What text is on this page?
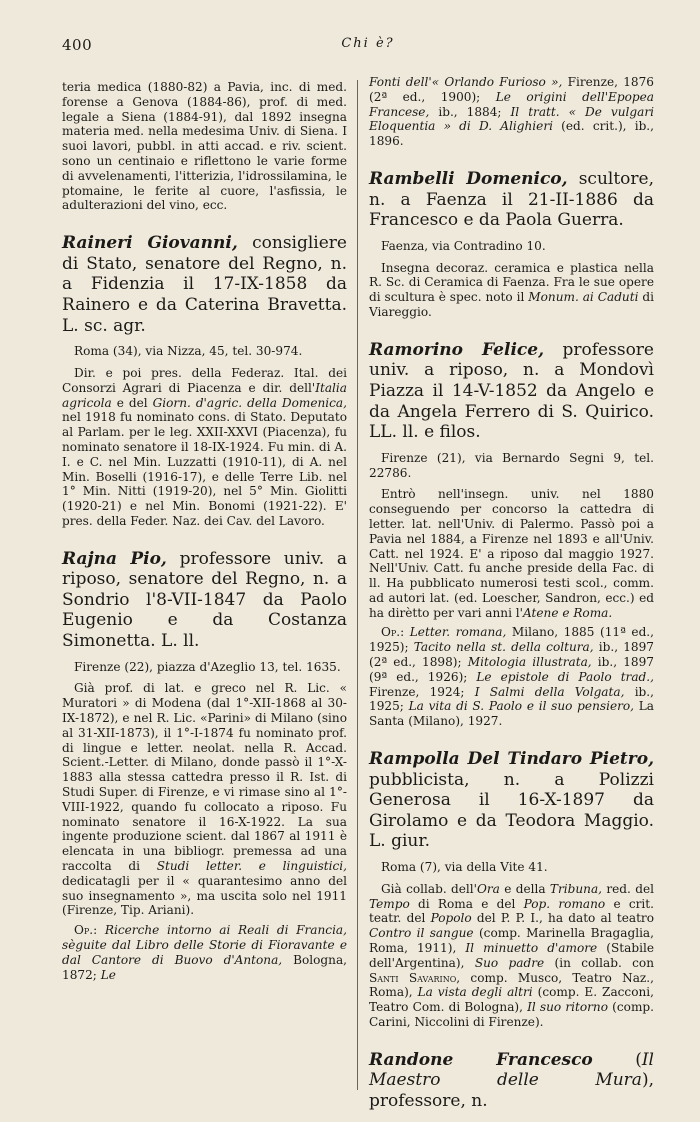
400	Chi è?

teria medica (1880-82) a Pavia, inc. di med. forense a Genova (1884-86), prof. di med. legale a Siena (1884-91), dal 1892 insegna materia med. nella medesima Univ. di Siena. I suoi lavori, pubbl. in atti accad. e riv. scient. sono un centinaio e riflettono le varie forme di avvelenamenti, l'itterizia, l'idrossilamina, le ptomaine, le ferite al cuore, l'asfissia, le adulterazioni del vino, ecc.

Raineri Giovanni, consigliere di Stato, senatore del Regno, n. a Fidenzia il 17-IX-1858 da Rainero e da Caterina Bravetta. L. sc. agr.

Roma (34), via Nizza, 45, tel. 30-974.

Dir. e poi pres. della Federaz. Ital. dei Consorzi Agrari di Piacenza e dir. dell'Italia agricola e del Giorn. d'agric. della Domenica, nel 1918 fu nominato cons. di Stato. Deputato al Parlam. per le leg. XXII-XXVI (Piacenza), fu nominato senatore il 18-IX-1924. Fu min. di A. I. e C. nel Min. Luzzatti (1910-11), di A. nel Min. Boselli (1916-17), e delle Terre Lib. nel 1° Min. Nitti (1919-20), nel 5° Min. Giolitti (1920-21) e nel Min. Bonomi (1921-22). E' pres. della Feder. Naz. dei Cav. del Lavoro.

Rajna Pio, professore univ. a riposo, senatore del Regno, n. a Sondrio l'8-VII-1847 da Paolo Eugenio e da Costanza Simonetta. L. ll.

Firenze (22), piazza d'Azeglio 13, tel. 1635.

Già prof. di lat. e greco nel R. Lic. « Muratori » di Modena (dal 1°-XII-1868 al 30-IX-1872), e nel R. Lic. «Parini» di Milano (sino al 31-XII-1873), il 1°-I-1874 fu nominato prof. di lingue e letter. neolat. nella R. Accad. Scient.-Letter. di Milano, donde passò il 1°-X-1883 alla stessa cattedra presso il R. Ist. di Studi Super. di Firenze, e vi rimase sino al 1°-VIII-1922, quando fu collocato a riposo. Fu nominato senatore il 16-X-1922. La sua ingente produzione scient. dal 1867 al 1911 è elencata in una bibliogr. premessa ad una raccolta di Studi letter. e linguistici, dedicatagli per il « quarantesimo anno del suo insegnamento », ma uscita solo nel 1911 (Firenze, Tip. Ariani).

Op.: Ricerche intorno ai Reali di Francia, sèguite dal Libro delle Storie di Fioravante e dal Cantore di Buovo d'Antona, Bologna, 1872; Le

Fonti dell'« Orlando Furioso », Firenze, 1876 (2ª ed., 1900); Le origini dell'Epopea Francese, ib., 1884; Il tratt. « De vulgari Eloquentia » di D. Alighieri (ed. crit.), ib., 1896.

Rambelli Domenico, scultore, n. a Faenza il 21-II-1886 da Francesco e da Paola Guerra.

Faenza, via Contradino 10.

Insegna decoraz. ceramica e plastica nella R. Sc. di Ceramica di Faenza. Fra le sue opere di scultura è spec. noto il Monum. ai Caduti di Viareggio.

Ramorino Felice, professore univ. a riposo, n. a Mondovì Piazza il 14-V-1852 da Angelo e da Angela Ferrero di S. Quirico. LL. ll. e filos.

Firenze (21), via Bernardo Segni 9, tel. 22786.

Entrò nell'insegn. univ. nel 1880 conseguendo per concorso la cattedra di letter. lat. nell'Univ. di Palermo. Passò poi a Pavia nel 1884, a Firenze nel 1893 e all'Univ. Catt. nel 1924. E' a riposo dal maggio 1927. Nell'Univ. Catt. fu anche preside della Fac. di ll. Ha pubblicato numerosi testi scol., comm. ad autori lat. (ed. Loescher, Sandron, ecc.) ed ha dirètto per vari anni l'Atene e Roma.

Op.: Letter. romana, Milano, 1885 (11ª ed., 1925); Tacito nella st. della coltura, ib., 1897 (2ª ed., 1898); Mitologia illustrata, ib., 1897 (9ª ed., 1926); Le epistole di Paolo trad., Firenze, 1924; I Salmi della Volgata, ib., 1925; La vita di S. Paolo e il suo pensiero, La Santa (Milano), 1927.

Rampolla Del Tindaro Pietro, pubblicista, n. a Polizzi Generosa il 16-X-1897 da Girolamo e da Teodora Maggio. L. giur.

Roma (7), via della Vite 41.

Già collab. dell'Ora e della Tribuna, red. del Tempo di Roma e del Pop. romano e crit. teatr. del Popolo del P. P. I., ha dato al teatro Contro il sangue (comp. Marinella Bragaglia, Roma, 1911), Il minuetto d'amore (Stabile dell'Argentina), Suo padre (in collab. con Santi Savarino, comp. Musco, Teatro Naz., Roma), La vista degli altri (comp. E. Zacconi, Teatro Com. di Bologna), Il suo ritorno (comp. Carini, Niccolini di Firenze).

Randone Francesco (Il Maestro delle Mura), professore, n.
